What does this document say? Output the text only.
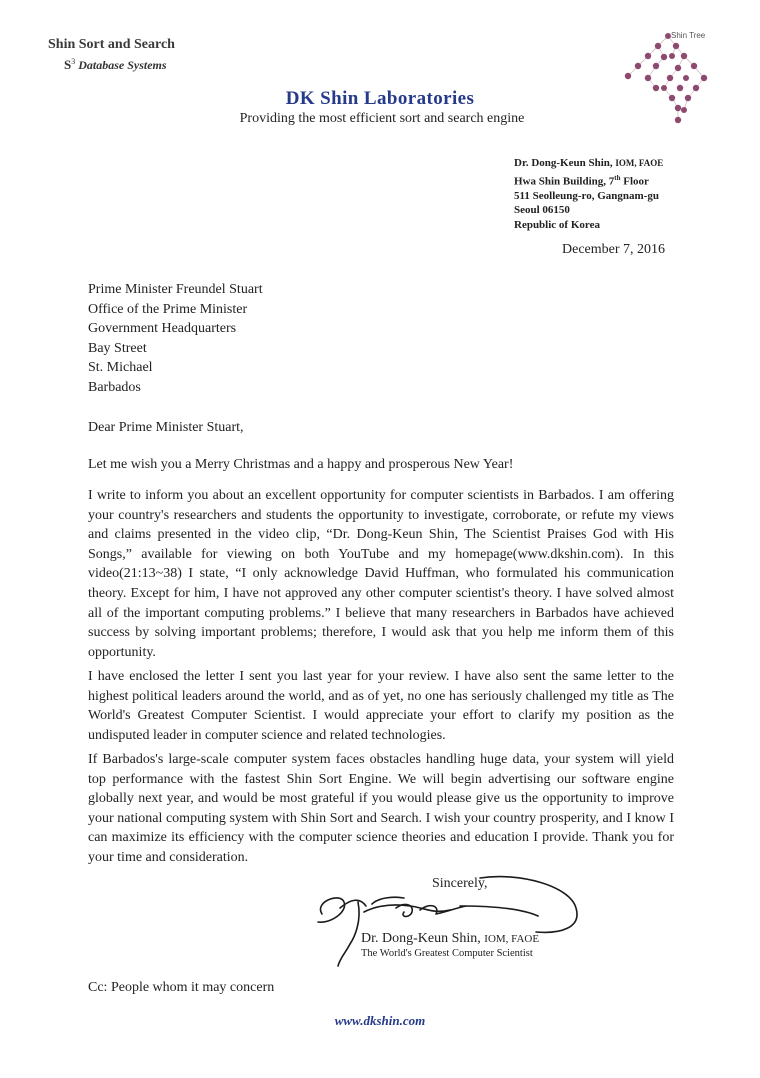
Shin Sort and Search
$S^3$ Database Systems
DK Shin Laboratories
Providing the most efficient sort and search engine
Shin Tree
Dr. Dong-Keun Shin, IOM, FAOE
Hwa Shin Building, 7th Floor
511 Seolleung-ro, Gangnam-gu
Seoul 06150
Republic of Korea
December 7, 2016
Prime Minister Freundel Stuart
Office of the Prime Minister
Government Headquarters
Bay Street
St. Michael
Barbados
Dear Prime Minister Stuart,
Let me wish you a Merry Christmas and a happy and prosperous New Year!
I write to inform you about an excellent opportunity for computer scientists in Barbados. I am offering your country's researchers and students the opportunity to investigate, corroborate, or refute my views and claims presented in the video clip, “Dr. Dong-Keun Shin, The Scientist Praises God with His Songs,” available for viewing on both YouTube and my homepage(www.dkshin.com). In this video(21:13~38) I state, “I only acknowledge David Huffman, who formulated his communication theory. Except for him, I have not approved any other computer scientist's theory. I have solved almost all of the important computing problems.” I believe that many researchers in Barbados have achieved success by solving important problems; therefore, I would ask that you help me inform them of this opportunity.
I have enclosed the letter I sent you last year for your review. I have also sent the same letter to the highest political leaders around the world, and as of yet, no one has seriously challenged my title as The World's Greatest Computer Scientist. I would appreciate your effort to clarify my position as the undisputed leader in computer science and related technologies.
If Barbados's large-scale computer system faces obstacles handling huge data, your system will yield top performance with the fastest Shin Sort Engine. We will begin advertising our software engine globally next year, and would be most grateful if you would please give us the opportunity to improve your national computing system with Shin Sort and Search. I wish your country prosperity, and I know I can maximize its efficiency with the computer science theories and education I provide. Thank you for your time and consideration.
Sincerely,
Dr. Dong-Keun Shin, IOM, FAOE
The World's Greatest Computer Scientist
Cc: People whom it may concern
www.dkshin.com
